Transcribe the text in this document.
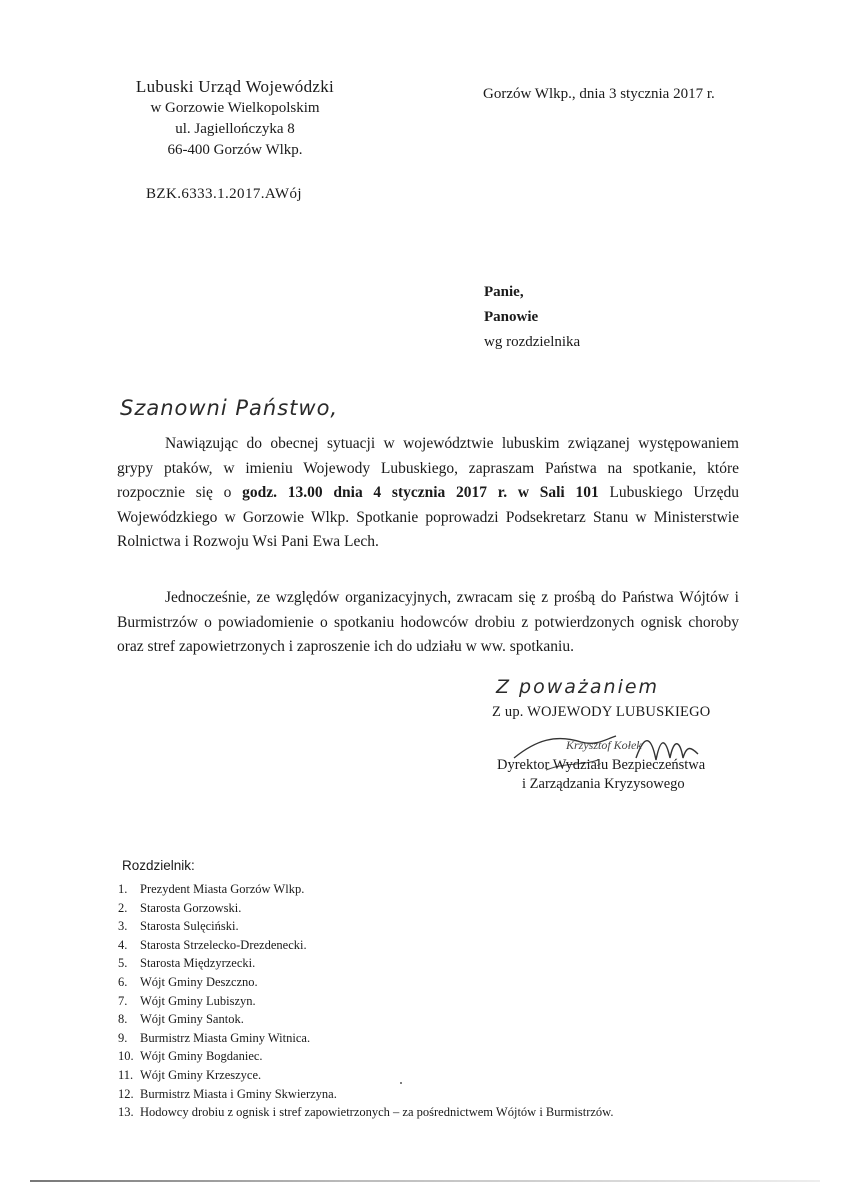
Lubuski Urząd Wojewódzki
w Gorzowie Wielkopolskim
ul. Jagiellończyka 8
66-400 Gorzów Wlkp.
BZK.6333.1.2017.AWój
Gorzów Wlkp., dnia 3 stycznia 2017 r.
Panie,
Panowie
wg rozdzielnika
Szanowni Państwo,
Nawiązując do obecnej sytuacji w województwie lubuskim związanej występowaniem grypy ptaków, w imieniu Wojewody Lubuskiego, zapraszam Państwa na spotkanie, które rozpocznie się o godz. 13.00 dnia 4 stycznia 2017 r. w Sali 101 Lubuskiego Urzędu Wojewódzkiego w Gorzowie Wlkp. Spotkanie poprowadzi Podsekretarz Stanu w Ministerstwie Rolnictwa i Rozwoju Wsi Pani Ewa Lech.
Jednocześnie, ze względów organizacyjnych, zwracam się z prośbą do Państwa Wójtów i Burmistrzów o powiadomienie o spotkaniu hodowców drobiu z potwierdzonych ognisk choroby oraz stref zapowietrzonych i zaproszenie ich do udziału w ww. spotkaniu.
Z poważaniem
Z up. WOJEWODY LUBUSKIEGO
Krzysztof Kołek
Dyrektor Wydziału Bezpieczeństwa
i Zarządzania Kryzysowego
Rozdzielnik:
1. Prezydent Miasta Gorzów Wlkp.
2. Starosta Gorzowski.
3. Starosta Sulęciński.
4. Starosta Strzelecko-Drezdenecki.
5. Starosta Międzyrzecki.
6. Wójt Gminy Deszczno.
7. Wójt Gminy Lubiszyn.
8. Wójt Gminy Santok.
9. Burmistrz Miasta Gminy Witnica.
10. Wójt Gminy Bogdaniec.
11. Wójt Gminy Krzeszyce.
12. Burmistrz Miasta i Gminy Skwierzyna.
13. Hodowcy drobiu z ognisk i stref zapowietrzonych – za pośrednictwem Wójtów i Burmistrzów.
